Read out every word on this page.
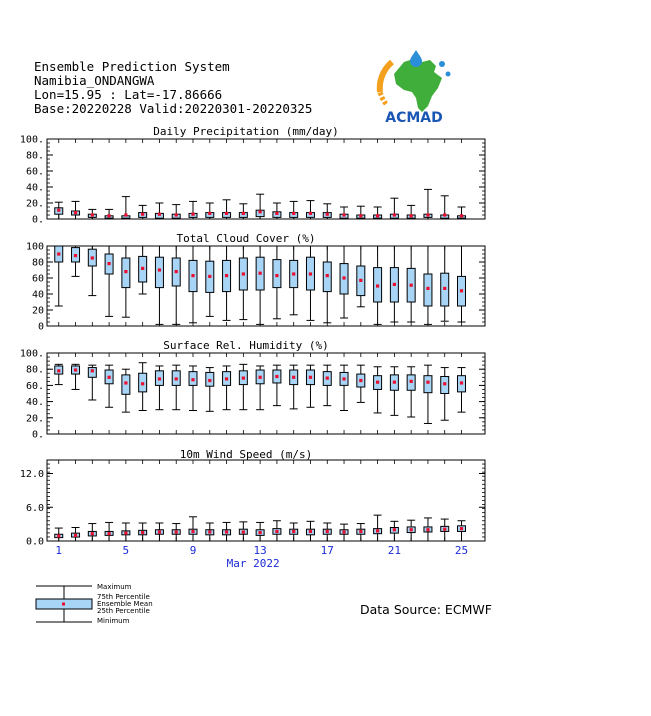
Ensemble Prediction System
Namibia_ONDANGWA
Lon=15.95 : Lat=-17.86666
Base:20220228 Valid:20220301-20220325
ACMAD
0.
20.
40.
60.
80.
100.
Daily Precipitation (mm/day)
0
20
40
60
80
100
Total Cloud Cover (%)
0.
20.
40.
60.
80.
100.
Surface Rel. Humidity (%)
0.0
6.0
12.0
10m Wind Speed (m/s)
1	5	9	13	17	21	25
Mar 2022
Maximum
75th Percentile
Ensemble Mean
25th Percentile
Minimum
Data Source: ECMWF
